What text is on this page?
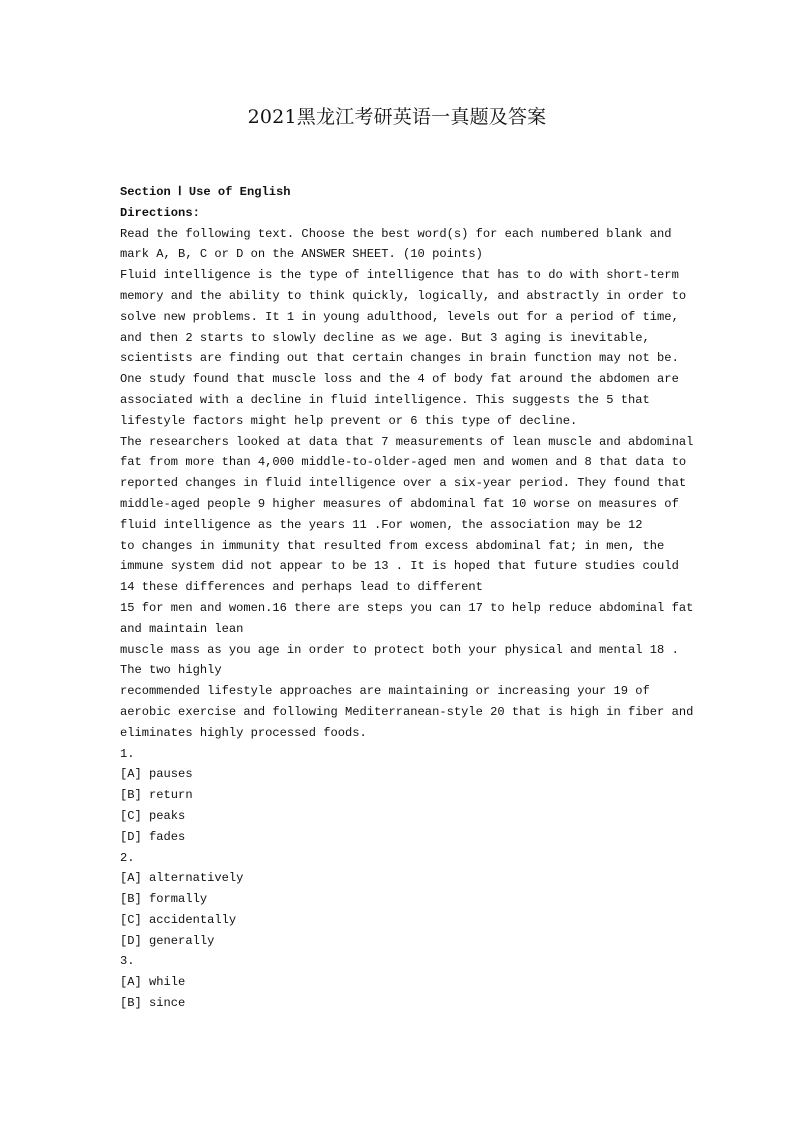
2021黑龙江考研英语一真题及答案
Section Ⅰ Use of English
Directions:
Read the following text. Choose the best word(s) for each numbered blank and
mark A, B, C or D on the ANSWER SHEET. (10 points)
Fluid intelligence is the type of intelligence that has to do with short-term
memory and the ability to think quickly, logically, and abstractly in order to
solve new problems. It 1 in young adulthood, levels out for a period of time,
and then 2 starts to slowly decline as we age. But 3 aging is inevitable,
scientists are finding out that certain changes in brain function may not be.
One study found that muscle loss and the 4 of body fat around the abdomen are
associated with a decline in fluid intelligence. This suggests the 5 that
lifestyle factors might help prevent or 6 this type of decline.
The researchers looked at data that 7 measurements of lean muscle and abdominal
fat from more than 4,000 middle-to-older-aged men and women and 8 that data to
reported changes in fluid intelligence over a six-year period. They found that
middle-aged people 9 higher measures of abdominal fat 10 worse on measures of
fluid intelligence as the years 11 .For women, the association may be 12
to changes in immunity that resulted from excess abdominal fat; in men, the
immune system did not appear to be 13 . It is hoped that future studies could
14 these differences and perhaps lead to different
15 for men and women.16 there are steps you can 17 to help reduce abdominal fat
and maintain lean
muscle mass as you age in order to protect both your physical and mental 18 .
The two highly
recommended lifestyle approaches are maintaining or increasing your 19 of
aerobic exercise and following Mediterranean-style 20 that is high in fiber and
eliminates highly processed foods.
1.
[A] pauses
[B] return
[C] peaks
[D] fades
2.
[A] alternatively
[B] formally
[C] accidentally
[D] generally
3.
[A] while
[B] since
